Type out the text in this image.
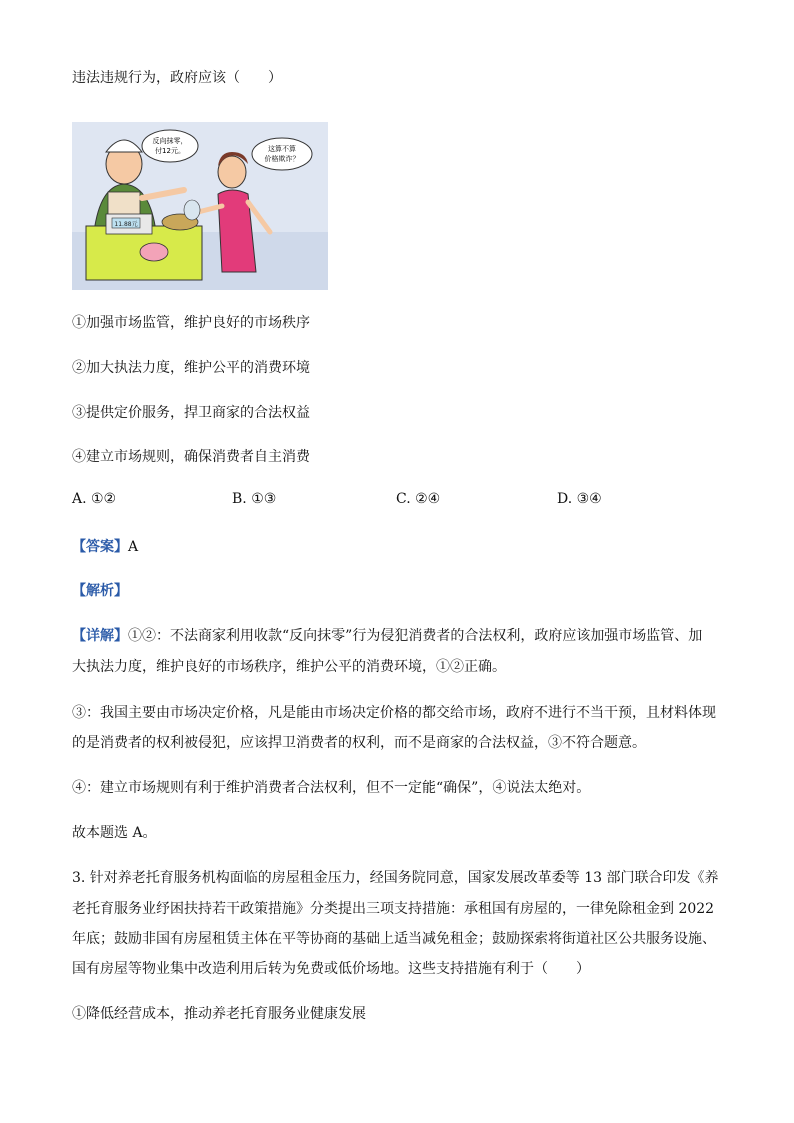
违法违规行为，政府应该（　　）
11.88元
反向抹零，
付12元。	这算不算
价格欺诈？
①加强市场监管，维护良好的市场秩序
②加大执法力度，维护公平的消费环境
③提供定价服务，捍卫商家的合法权益
④建立市场规则，确保消费者自主消费
A. ①②	B. ①③	C. ②④	D. ③④
【答案】A
【解析】
【详解】①②：不法商家利用收款“反向抹零”行为侵犯消费者的合法权利，政府应该加强市场监管、加
大执法力度，维护良好的市场秩序，维护公平的消费环境，①②正确。
③：我国主要由市场决定价格，凡是能由市场决定价格的都交给市场，政府不进行不当干预，且材料体现
的是消费者的权利被侵犯，应该捍卫消费者的权利，而不是商家的合法权益，③不符合题意。
④：建立市场规则有利于维护消费者合法权利，但不一定能“确保”，④说法太绝对。
故本题选 A。
3. 针对养老托育服务机构面临的房屋租金压力，经国务院同意，国家发展改革委等 13 部门联合印发《养
老托育服务业纾困扶持若干政策措施》分类提出三项支持措施：承租国有房屋的，一律免除租金到 2022
年底；鼓励非国有房屋租赁主体在平等协商的基础上适当减免租金；鼓励探索将街道社区公共服务设施、
国有房屋等物业集中改造利用后转为免费或低价场地。这些支持措施有利于（　　）
①降低经营成本，推动养老托育服务业健康发展
